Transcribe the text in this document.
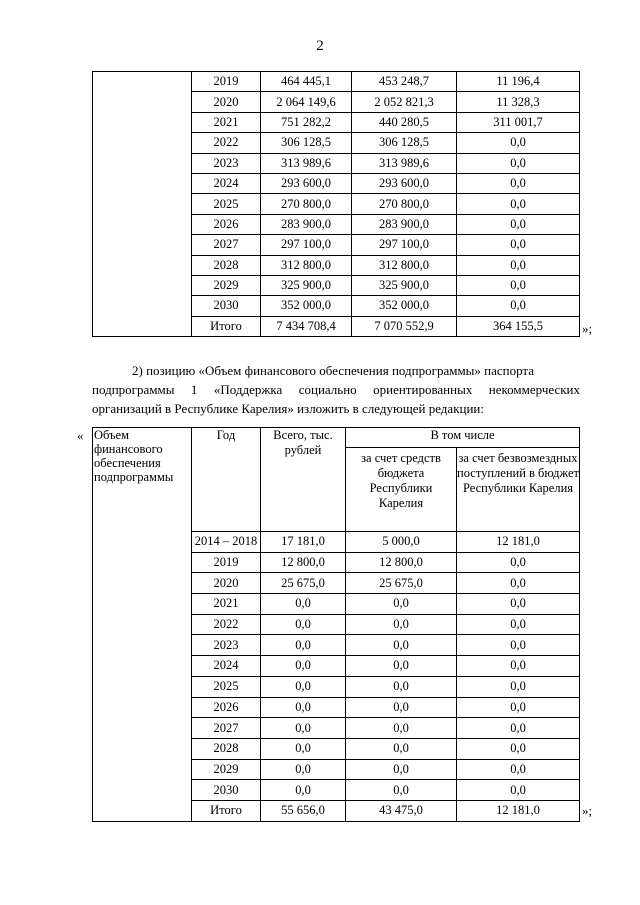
2
	2019	464 445,1	453 248,7	11 196,4
	2020	2 064 149,6	2 052 821,3	11 328,3
	2021	751 282,2	440 280,5	311 001,7
	2022	306 128,5	306 128,5	0,0
	2023	313 989,6	313 989,6	0,0
	2024	293 600,0	293 600,0	0,0
	2025	270 800,0	270 800,0	0,0
	2026	283 900,0	283 900,0	0,0
	2027	297 100,0	297 100,0	0,0
	2028	312 800,0	312 800,0	0,0
	2029	325 900,0	325 900,0	0,0
	2030	352 000,0	352 000,0	0,0
	Итого	7 434 708,4	7 070 552,9	364 155,5	»;
2) позицию «Объем финансового обеспечения подпрограммы» паспорта
подпрограммы 1 «Поддержка социально ориентированных некоммерческих
организаций в Республике Карелия» изложить в следующей редакции:
« Объем финансового обеспечения подпрограммы	Год	Всего, тыс. рублей	В том числе	
			за счет средств бюджета Республики Карелия	за счет безвозмездных поступлений в бюджет Республики Карелия
	2014 – 2018	17 181,0	5 000,0	12 181,0
	2019	12 800,0	12 800,0	0,0
	2020	25 675,0	25 675,0	0,0
	2021	0,0	0,0	0,0
	2022	0,0	0,0	0,0
	2023	0,0	0,0	0,0
	2024	0,0	0,0	0,0
	2025	0,0	0,0	0,0
	2026	0,0	0,0	0,0
	2027	0,0	0,0	0,0
	2028	0,0	0,0	0,0
	2029	0,0	0,0	0,0
	2030	0,0	0,0	0,0
	Итого	55 656,0	43 475,0	12 181,0	»;
